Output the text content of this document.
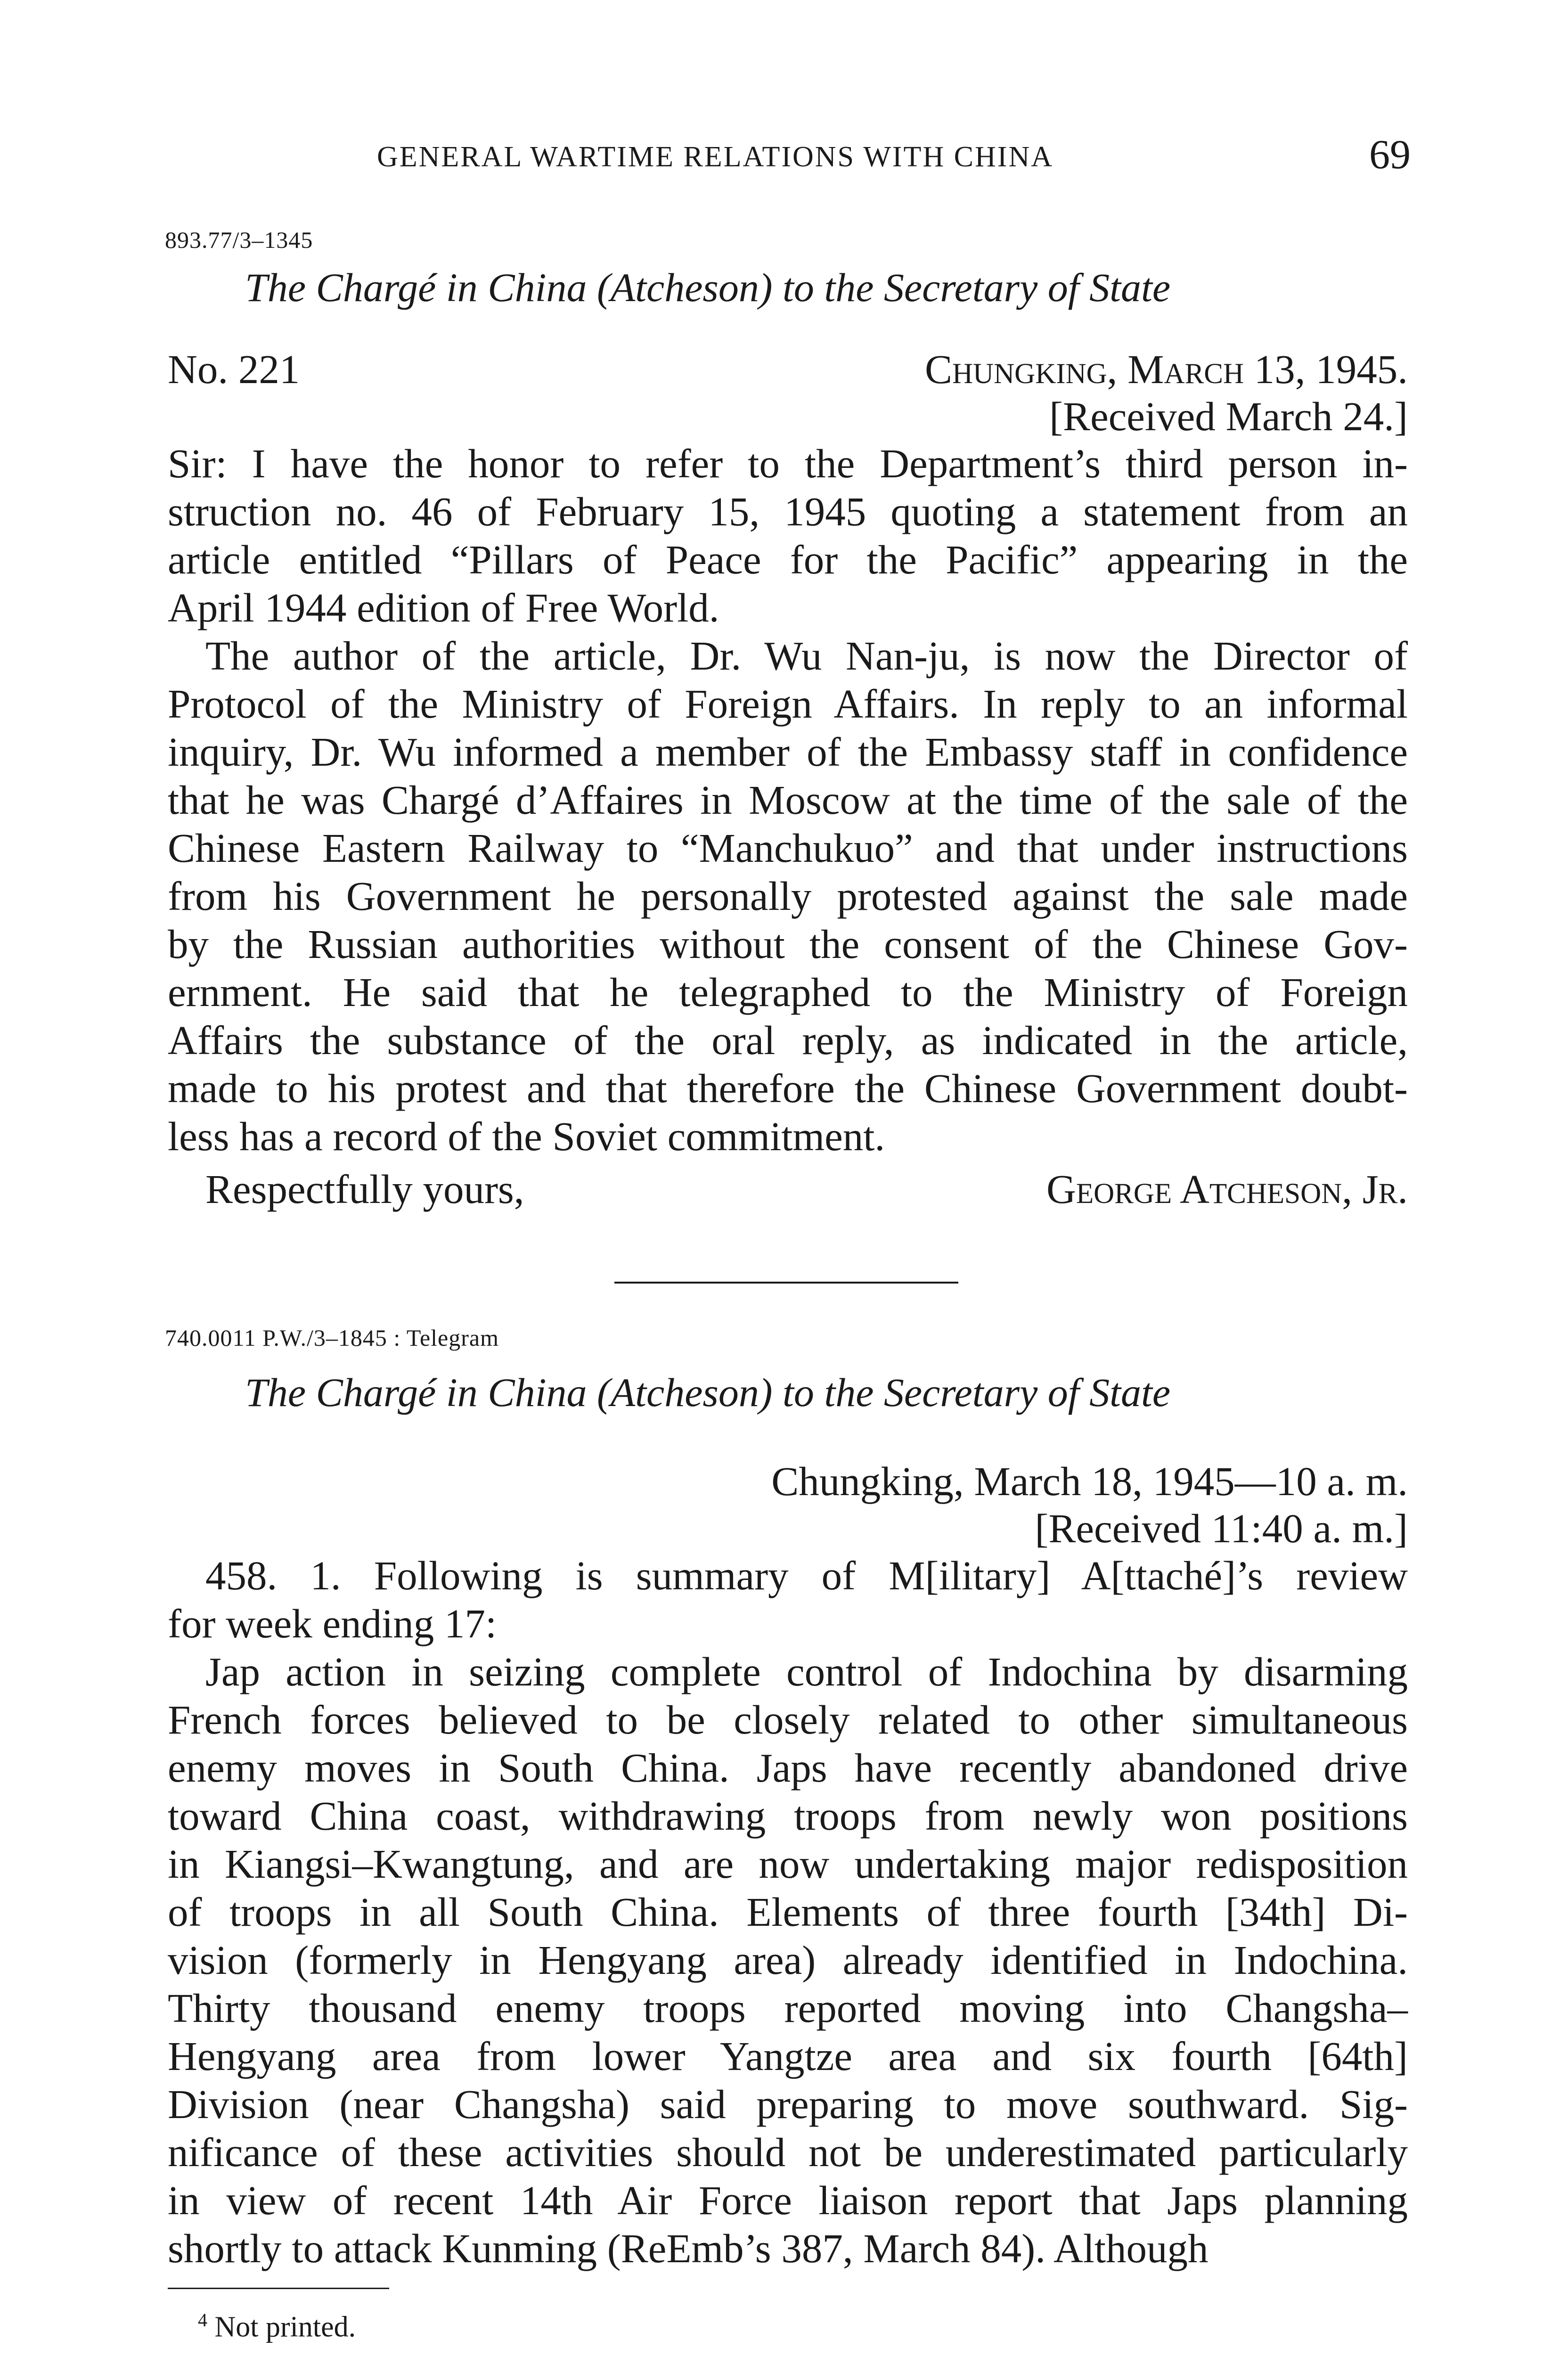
GENERAL WARTIME RELATIONS WITH CHINA	69
893.77/3–1345
The Chargé in China (Atcheson) to the Secretary of State
No. 221	Chungking, March 13, 1945.
[Received March 24.]
Sir: I have the honor to refer to the Department’s third person in-
struction no. 46 of February 15, 1945 quoting a statement from an
article entitled “Pillars of Peace for the Pacific” appearing in the
April 1944 edition of Free World.
The author of the article, Dr. Wu Nan-ju, is now the Director of
Protocol of the Ministry of Foreign Affairs. In reply to an informal
inquiry, Dr. Wu informed a member of the Embassy staff in confidence
that he was Chargé d’Affaires in Moscow at the time of the sale of the
Chinese Eastern Railway to “Manchukuo” and that under instructions
from his Government he personally protested against the sale made
by the Russian authorities without the consent of the Chinese Gov-
ernment. He said that he telegraphed to the Ministry of Foreign
Affairs the substance of the oral reply, as indicated in the article,
made to his protest and that therefore the Chinese Government doubt-
less has a record of the Soviet commitment.
Respectfully yours,	George Atcheson, Jr.
740.0011 P.W./3–1845 : Telegram
The Chargé in China (Atcheson) to the Secretary of State
Chungking, March 18, 1945—10 a. m.
[Received 11:40 a. m.]
458. 1. Following is summary of M[ilitary] A[ttaché]’s review
for week ending 17:
Jap action in seizing complete control of Indochina by disarming
French forces believed to be closely related to other simultaneous
enemy moves in South China. Japs have recently abandoned drive
toward China coast, withdrawing troops from newly won positions
in Kiangsi–Kwangtung, and are now undertaking major redisposition
of troops in all South China. Elements of three fourth [34th] Di-
vision (formerly in Hengyang area) already identified in Indochina.
Thirty thousand enemy troops reported moving into Changsha–
Hengyang area from lower Yangtze area and six fourth [64th]
Division (near Changsha) said preparing to move southward. Sig-
nificance of these activities should not be underestimated particularly
in view of recent 14th Air Force liaison report that Japs planning
shortly to attack Kunming (ReEmb’s 387, March 84). Although
$^4$ Not printed.
